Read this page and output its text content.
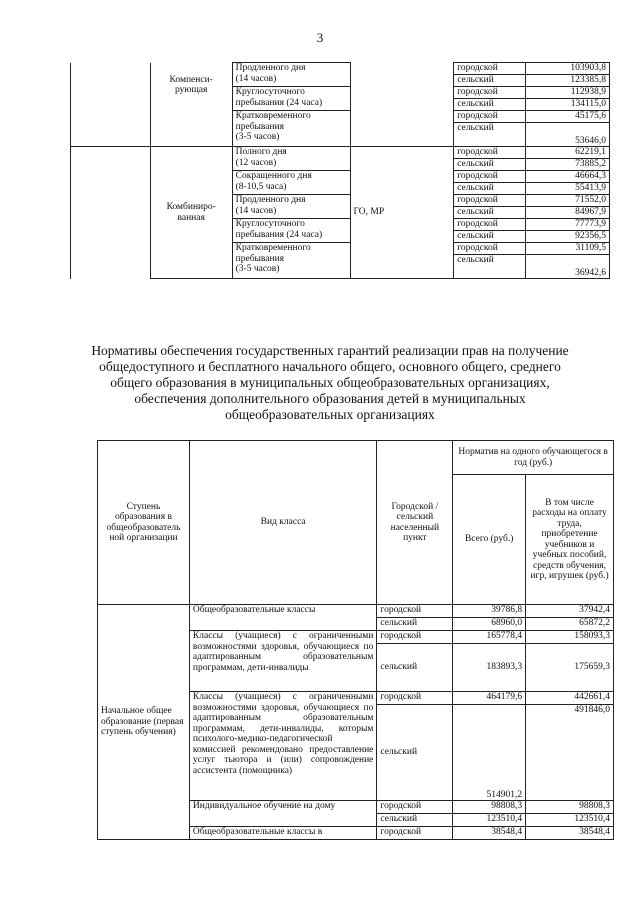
3
	Компенси-
рующая	Продленного дня
(14 часов)		городской	103903,8
				сельский	123385,8
		Круглосуточного
пребывания (24 часа)		городской	112938,9
				сельский	134115,0
		Кратковременного
пребывания
(3-5 часов)		городской	45175,6
				сельский	53646,0
	Комбиниро-
ванная	Полного дня
(12 часов)	ГО, МР	городской	62219,1
				сельский	73885,2
		Сокращенного дня
(8-10,5 часа)		городской	46664,3
				сельский	55413,9
		Продленного дня
(14 часов)		городской	71552,0
				сельский	84967,9
		Круглосуточного
пребывания (24 часа)		городской	77773,9
				сельский	92356,5
		Кратковременного
пребывания
(3-5 часов)		городской	31109,5
				сельский	36942,6
Нормативы обеспечения государственных гарантий реализации прав на получение общедоступного и бесплатного начального общего, основного общего, среднего общего образования в муниципальных общеобразовательных организациях, обеспечения дополнительного образования детей в муниципальных общеобразовательных организациях
Ступень образования в общеобразователь ной организации	Вид класса	Городской / сельский населенный пункт	Норматив на одного обучающегося в год (руб.)	
			Всего (руб.)	В том числе расходы на оплату труда, приобретение учебников и учебных пособий, средств обучения, игр, игрушек (руб.)
Начальное общее образование (первая ступень обучения)	Общеобразовательные классы	городской	39786,8	37942,4
		сельский	68960,0	65872,2
	Классы (учащиеся) с ограниченными возможностями здоровья, обучающиеся по адаптированным образовательным программам, дети-инвалиды	городской	165778,4	158093,3
		сельский	183893,3	175659,3
	Классы (учащиеся) с ограниченными возможностями здоровья, обучающиеся по адаптированным образовательным программам, дети-инвалиды, которым психолого-медико-педагогической комиссией рекомендовано предоставление услуг тьютора и (или) сопровождение ассистента (помощника)	городской	464179,6	442661,4
		сельский	514901,2	491846,0
	Индивидуальное обучение на дому	городской	98808,3	98808,3
		сельский	123510,4	123510,4
	Общеобразовательные классы в	городской	38548,4	38548,4
